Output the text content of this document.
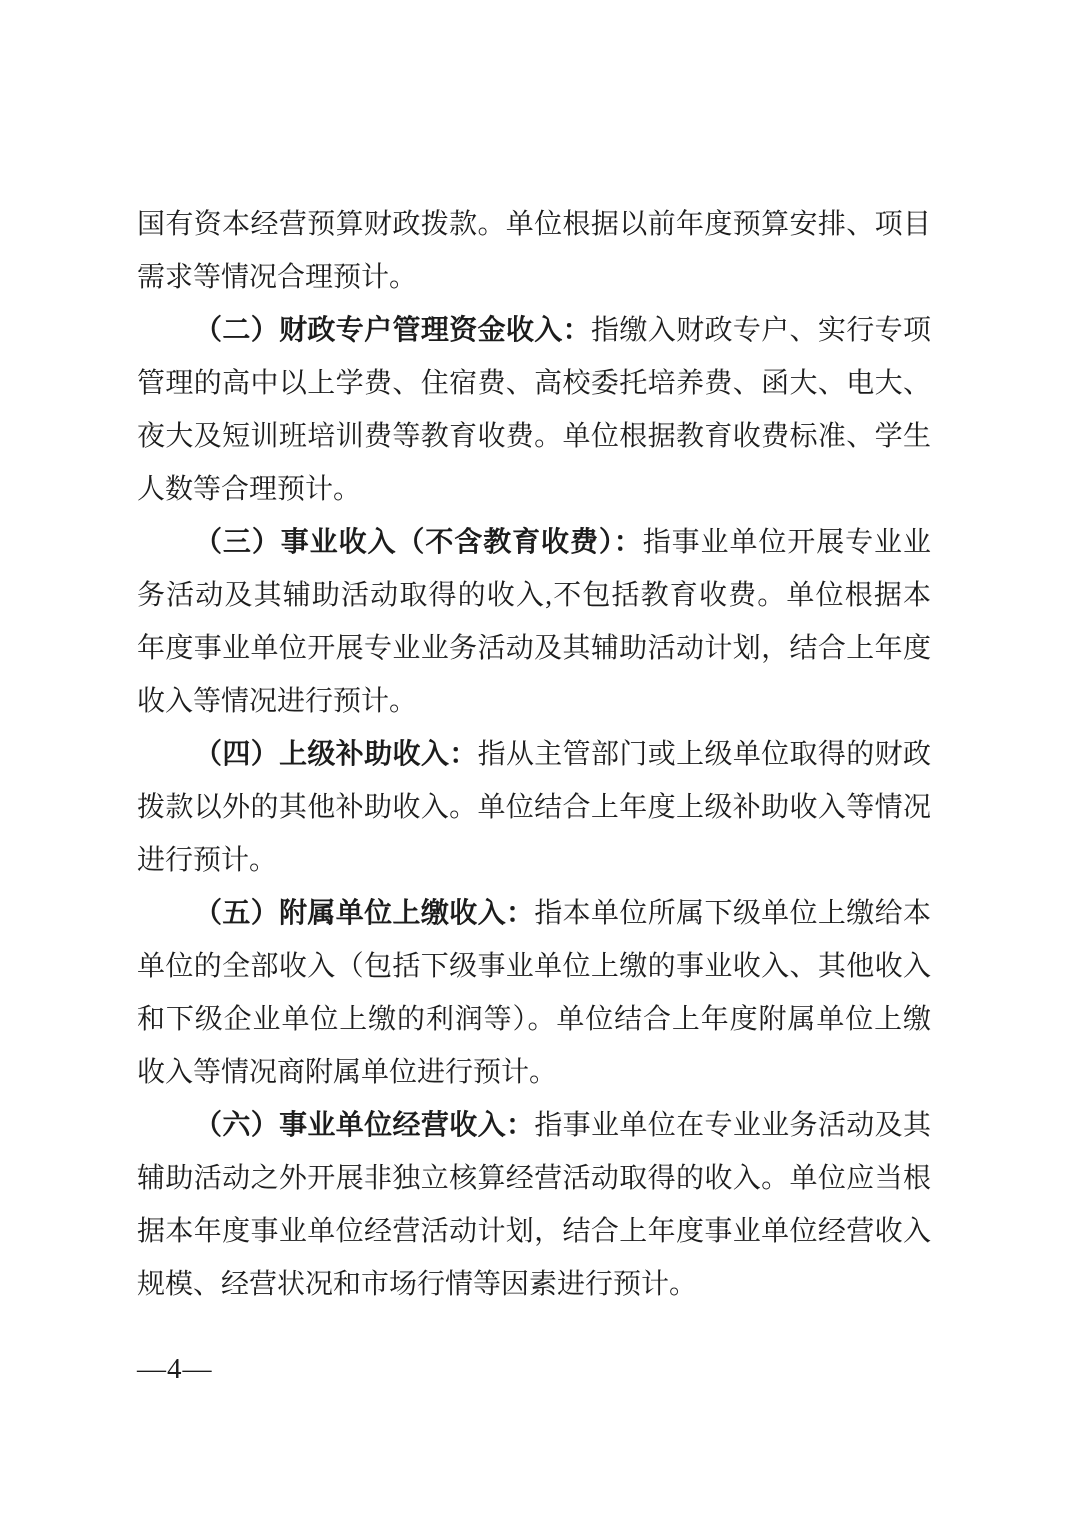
国有资本经营预算财政拨款。单位根据以前年度预算安排、项目
需求等情况合理预计。
（二）财政专户管理资金收入：指缴入财政专户、实行专项
管理的高中以上学费、住宿费、高校委托培养费、函大、电大、
夜大及短训班培训费等教育收费。单位根据教育收费标准、学生
人数等合理预计。
（三）事业收入（不含教育收费）：指事业单位开展专业业
务活动及其辅助活动取得的收入,不包括教育收费。单位根据本
年度事业单位开展专业业务活动及其辅助活动计划，结合上年度
收入等情况进行预计。
（四）上级补助收入：指从主管部门或上级单位取得的财政
拨款以外的其他补助收入。单位结合上年度上级补助收入等情况
进行预计。
（五）附属单位上缴收入：指本单位所属下级单位上缴给本
单位的全部收入（包括下级事业单位上缴的事业收入、其他收入
和下级企业单位上缴的利润等）。单位结合上年度附属单位上缴
收入等情况商附属单位进行预计。
（六）事业单位经营收入：指事业单位在专业业务活动及其
辅助活动之外开展非独立核算经营活动取得的收入。单位应当根
据本年度事业单位经营活动计划，结合上年度事业单位经营收入
规模、经营状况和市场行情等因素进行预计。
—4—
